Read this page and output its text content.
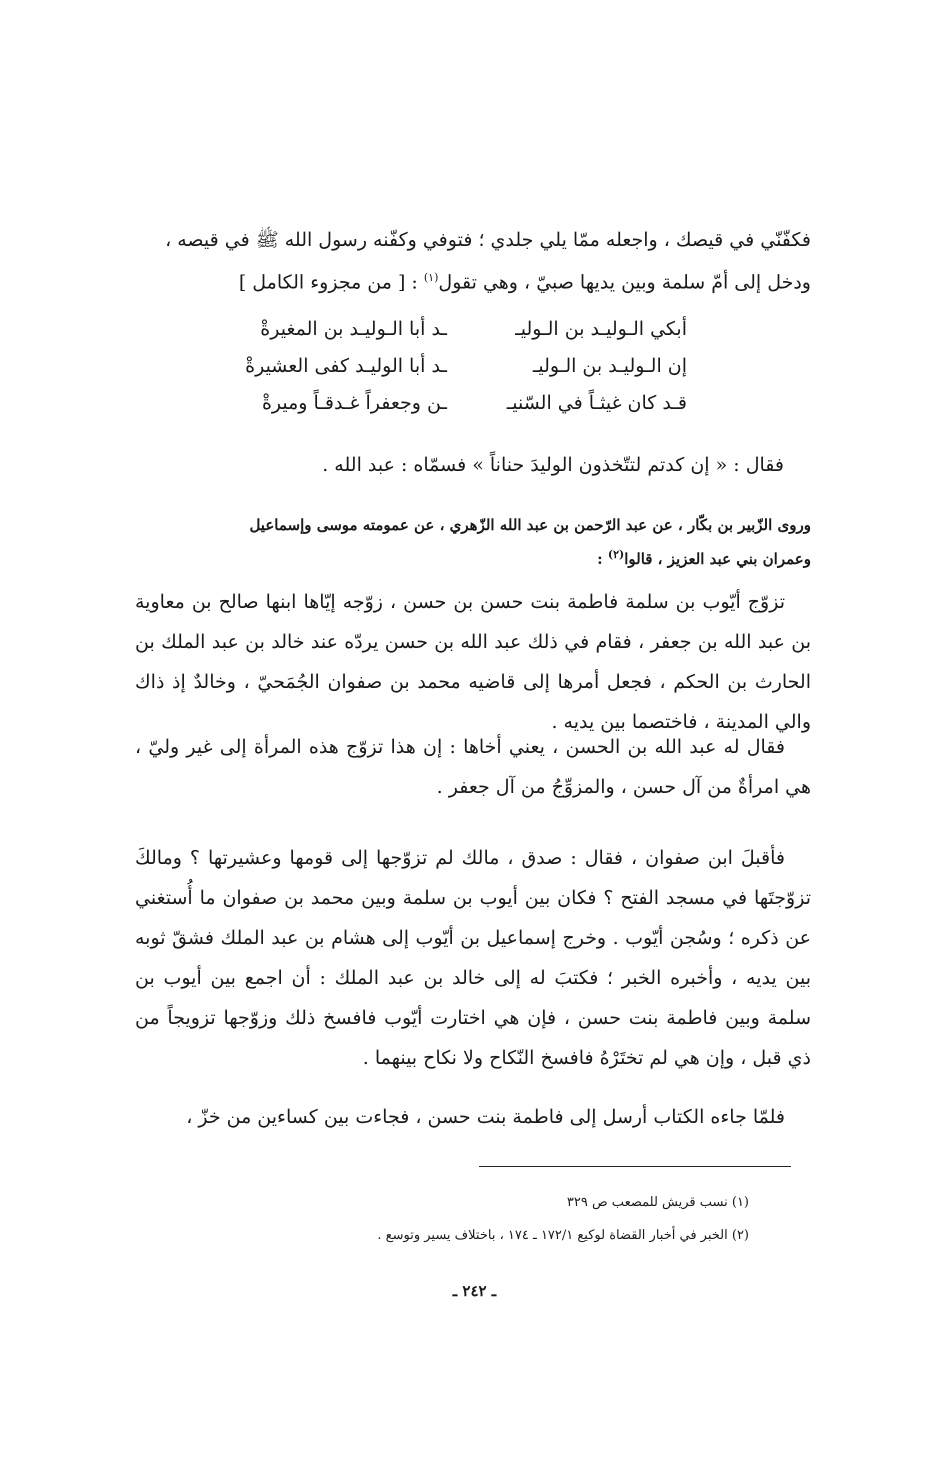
فكفّنّي في قيصك ، واجعله ممّا يلي جلدي ؛ فتوفي وكفّنه رسول الله ﷺ في قيصه ،
ودخل إلى أمّ سلمة وبين يديها صبيّ ، وهي تقول$^{(١)}$ : [ من مجزوء الكامل ]
أبكي الـوليـد بن الـوليـ
ـد أبا الـوليـد بن المغيرةْ
إن الـوليـد بن الـوليـ
ـد أبا الوليـد كفى العشيرةْ
قـد كان غيثـاً في السّنيـ
ـن وجعفراً غـدقـاً وميرةْ
فقال : « إن كدتم لتتّخذون الوليدَ حناناً » فسمّاه : عبد الله .
وروى الزّبير بن بكّار ، عن عبد الرّحمن بن عبد الله الزّهري ، عن عمومته موسى وإسماعيل
وعمران بني عبد العزيز ، قالوا$^{(٢)}$ :
تزوّج أيّوب بن سلمة فاطمة بنت حسن بن حسن ، زوّجه إيّاها ابنها صالح بن معاوية بن عبد الله بن جعفر ، فقام في ذلك عبد الله بن حسن يردّه عند خالد بن عبد الملك بن الحارث بن الحكم ، فجعل أمرها إلى قاضيه محمد بن صفوان الجُمَحيّ ، وخالدٌ إذ ذاك والي المدينة ، فاختصما بين يديه .
فقال له عبد الله بن الحسن ، يعني أخاها : إن هذا تزوّج هذه المرأة إلى غير وليّ ، هي امرأةٌ من آل حسن ، والمزوِّجُ من آل جعفر .
فأقبلَ ابن صفوان ، فقال : صدق ، مالك لم تزوّجها إلى قومها وعشيرتها ؟ ومالكَ تزوّجتَها في مسجد الفتح ؟ فكان بين أيوب بن سلمة وبين محمد بن صفوان ما أُستغني عن ذكره ؛ وسُجن أيّوب . وخرج إسماعيل بن أيّوب إلى هشام بن عبد الملك فشقّ ثوبه بين يديه ، وأخبره الخبر ؛ فكتبَ له إلى خالد بن عبد الملك : أن اجمع بين أيوب بن سلمة وبين فاطمة بنت حسن ، فإن هي اختارت أيّوب فافسخ ذلك وزوّجها تزويجاً من ذي قبل ، وإن هي لم تختَرْهُ فافسخ النّكاح ولا نكاح بينهما .
فلمّا جاءه الكتاب أرسل إلى فاطمة بنت حسن ، فجاءت بين كساءين من خزّ ،
(١) نسب قريش للمصعب ص ٣٢٩
(٢) الخبر في أخبار القضاة لوكيع ١٧٢/١ ـ ١٧٤ ، باختلاف يسير وتوسع .
ـ ٢٤٢ ـ
